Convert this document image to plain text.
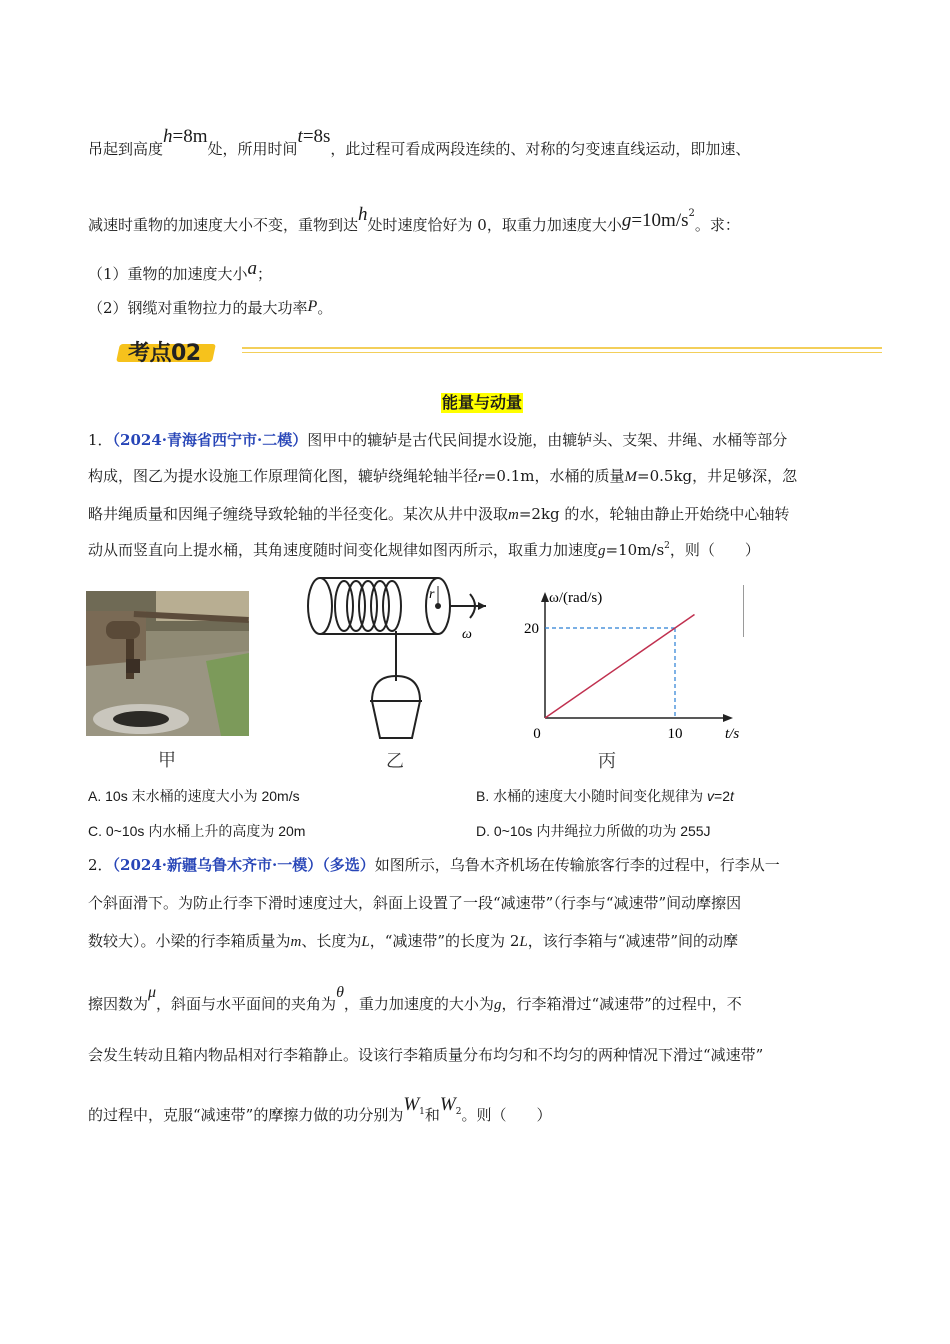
吊起到高度h=8m处，所用时间t=8s，此过程可看成两段连续的、对称的匀变速直线运动，即加速、
减速时重物的加速度大小不变，重物到达h处时速度恰好为 0，取重力加速度大小$g=10m/s^2$。求：
（1）重物的加速度大小a；
（2）钢缆对重物拉力的最大功率P。
考点02
能量与动量
1．（2024·青海省西宁市·二模）图甲中的辘轳是古代民间提水设施，由辘轳头、支架、井绳、水桶等部分
构成，图乙为提水设施工作原理简化图，辘轳绕绳轮轴半径r=0.1m，水桶的质量M=0.5kg，井足够深，忽
略井绳质量和因绳子缠绕导致轮轴的半径变化。某次从井中汲取m=2kg 的水，轮轴由静止开始绕中心轴转
动从而竖直向上提水桶，其角速度随时间变化规律如图丙所示，取重力加速度$g=10m/s^2$，则（　　）
甲
r
ω
乙
20
10
ω/(rad/s)
t/s
0
丙
A. 10s 末水桶的速度大小为 20m/s	B. 水桶的速度大小随时间变化规律为 v=2t
C. 0~10s 内水桶上升的高度为 20m	D. 0~10s 内井绳拉力所做的功为 255J
2．（2024·新疆乌鲁木齐市·一模）（多选）如图所示，乌鲁木齐机场在传输旅客行李的过程中，行李从一
个斜面滑下。为防止行李下滑时速度过大，斜面上设置了一段“减速带”（行李与“减速带”间动摩擦因
数较大）。小梁的行李箱质量为m、长度为L，“减速带”的长度为 2L，该行李箱与“减速带”间的动摩
擦因数为μ，斜面与水平面间的夹角为θ，重力加速度的大小为g，行李箱滑过“减速带”的过程中，不
会发生转动且箱内物品相对行李箱静止。设该行李箱质量分布均匀和不均匀的两种情况下滑过“减速带”
的过程中，克服“减速带”的摩擦力做的功分别为$W^1$和$W^2$。则（　　）
